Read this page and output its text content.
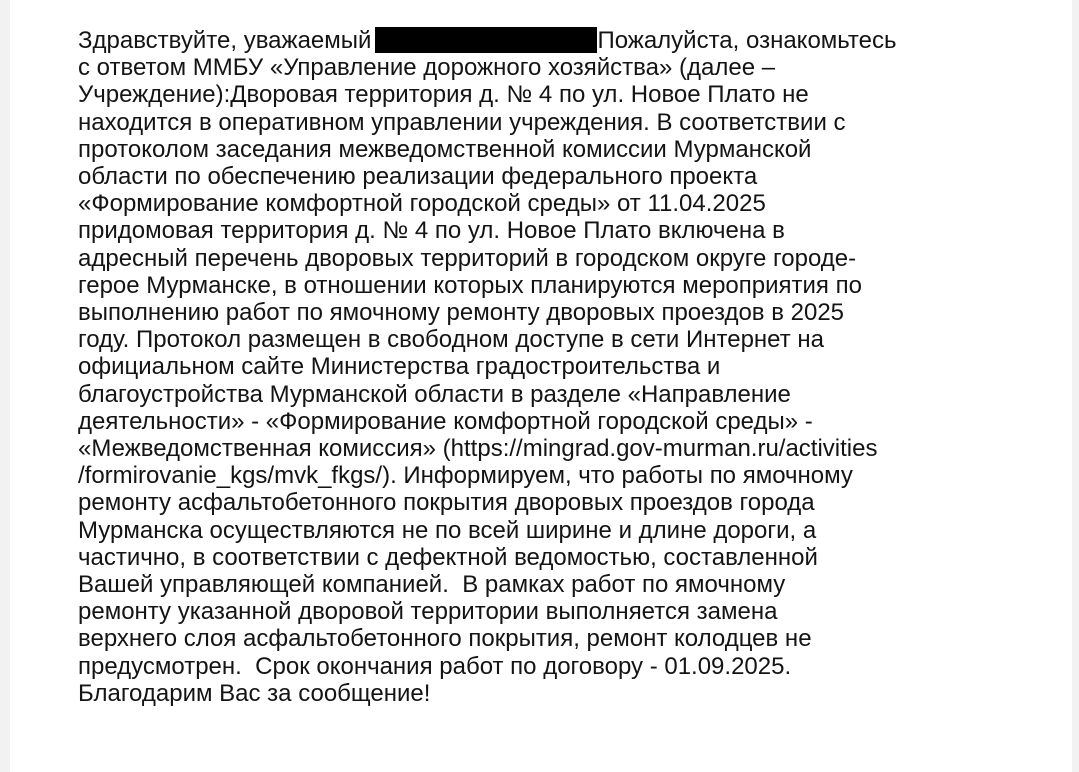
Здравствуйте, уважаемый	Пожалуйста, ознакомьтесь
с ответом ММБУ «Управление дорожного хозяйства» (далее –
Учреждение):Дворовая территория д. № 4 по ул. Новое Плато не
находится в оперативном управлении учреждения. В соответствии с
протоколом заседания межведомственной комиссии Мурманской
области по обеспечению реализации федерального проекта
«Формирование комфортной городской среды» от 11.04.2025
придомовая территория д. № 4 по ул. Новое Плато включена в
адресный перечень дворовых территорий в городском округе городе-
герое Мурманске, в отношении которых планируются мероприятия по
выполнению работ по ямочному ремонту дворовых проездов в 2025
году. Протокол размещен в свободном доступе в сети Интернет на
официальном сайте Министерства градостроительства и
благоустройства Мурманской области в разделе «Направление
деятельности» - «Формирование комфортной городской среды» -
«Межведомственная комиссия» (https://mingrad.gov-murman.ru/activities
/formirovanie_kgs/mvk_fkgs/). Информируем, что работы по ямочному
ремонту асфальтобетонного покрытия дворовых проездов города
Мурманска осуществляются не по всей ширине и длине дороги, а
частично, в соответствии с дефектной ведомостью, составленной
Вашей управляющей компанией.  В рамках работ по ямочному
ремонту указанной дворовой территории выполняется замена
верхнего слоя асфальтобетонного покрытия, ремонт колодцев не
предусмотрен.  Срок окончания работ по договору - 01.09.2025.
Благодарим Вас за сообщение!
